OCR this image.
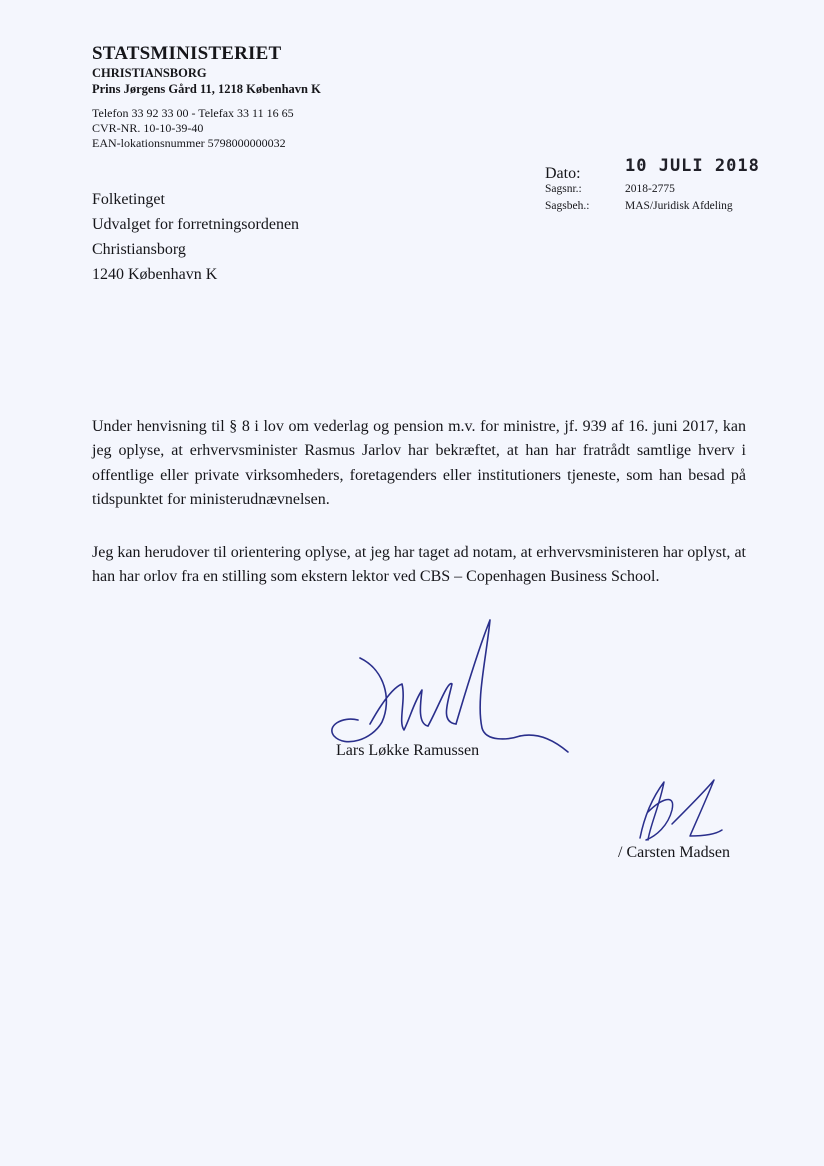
STATSMINISTERIET

CHRISTIANSBORG

Prins Jørgens Gård 11, 1218 København K

Telefon 33 92 33 00 - Telefax 33 11 16 65

CVR-NR. 10-10-39-40

EAN-lokationsnummer 5798000000032

Dato:	10 JULI 2018

Sagsnr.:	2018-2775

Sagsbeh.:	MAS/Juridisk Afdeling

Folketinget

Udvalget for forretningsordenen

Christiansborg

1240 København K

Under henvisning til § 8 i lov om vederlag og pension m.v. for ministre, jf. 939 af 16. juni 2017, kan jeg oplyse, at erhvervsminister Rasmus Jarlov har bekræftet, at han har fratrådt samtlige hverv i offentlige eller private virksomheders, foretagenders eller institutioners tjeneste, som han besad på tidspunktet for ministerudnævnelsen.

Jeg kan herudover til orientering oplyse, at jeg har taget ad notam, at erhvervsministeren har oplyst, at han har orlov fra en stilling som ekstern lektor ved CBS – Copenhagen Business School.

Lars Løkke Ramussen

/ Carsten Madsen
